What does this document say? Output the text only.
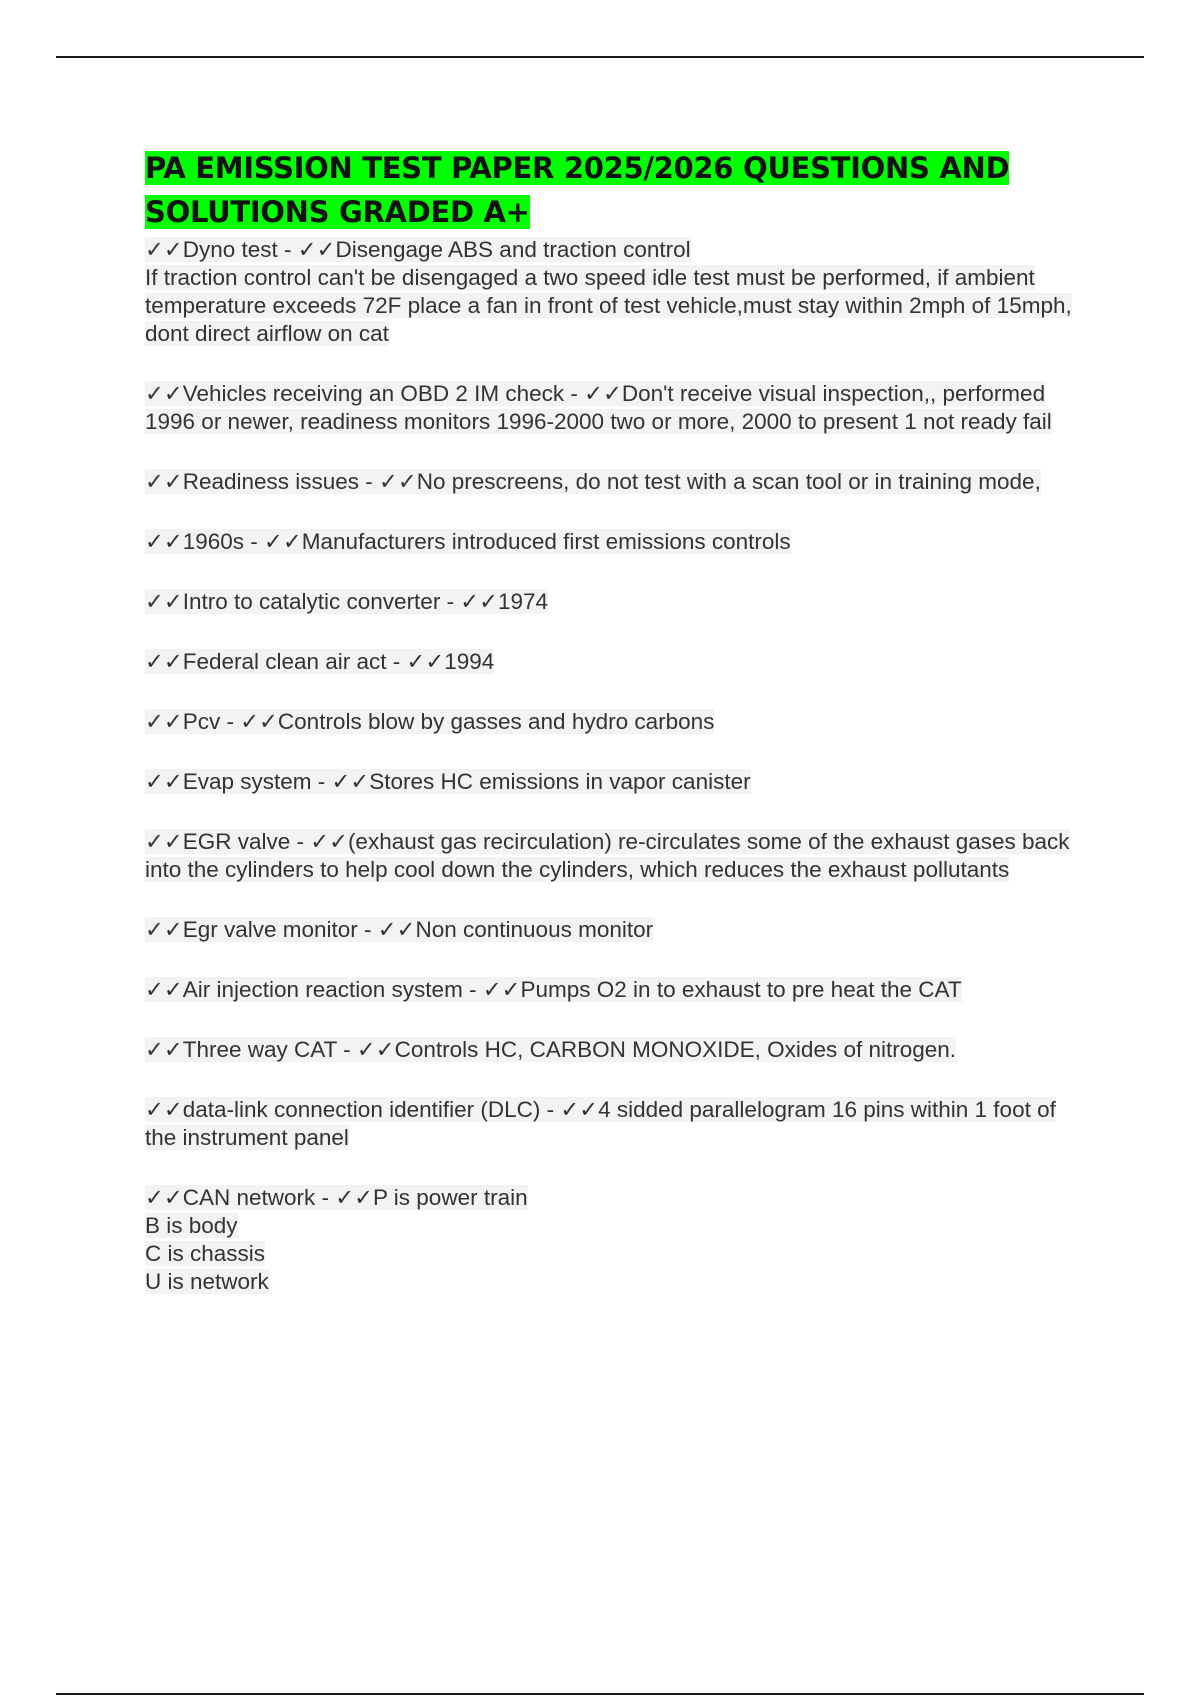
PA EMISSION TEST PAPER 2025/2026 QUESTIONS AND SOLUTIONS GRADED A+

✓✓Dyno test - ✓✓Disengage ABS and traction control
If traction control can't be disengaged a two speed idle test must be performed, if ambient temperature exceeds 72F place a fan in front of test vehicle,must stay within 2mph of 15mph, dont direct airflow on cat

✓✓Vehicles receiving an OBD 2 IM check - ✓✓Don't receive visual inspection,, performed 1996 or newer, readiness monitors 1996-2000 two or more, 2000 to present 1 not ready fail

✓✓Readiness issues - ✓✓No prescreens, do not test with a scan tool or in training mode,

✓✓1960s - ✓✓Manufacturers introduced first emissions controls

✓✓Intro to catalytic converter - ✓✓1974

✓✓Federal clean air act - ✓✓1994

✓✓Pcv - ✓✓Controls blow by gasses and hydro carbons

✓✓Evap system - ✓✓Stores HC emissions in vapor canister

✓✓EGR valve - ✓✓(exhaust gas recirculation) re-circulates some of the exhaust gases back into the cylinders to help cool down the cylinders, which reduces the exhaust pollutants

✓✓Egr valve monitor - ✓✓Non continuous monitor

✓✓Air injection reaction system - ✓✓Pumps O2 in to exhaust to pre heat the CAT

✓✓Three way CAT - ✓✓Controls HC, CARBON MONOXIDE, Oxides of nitrogen.

✓✓data-link connection identifier (DLC) - ✓✓4 sidded parallelogram 16 pins within 1 foot of the instrument panel

✓✓CAN network - ✓✓P is power train
B is body
C is chassis
U is network
